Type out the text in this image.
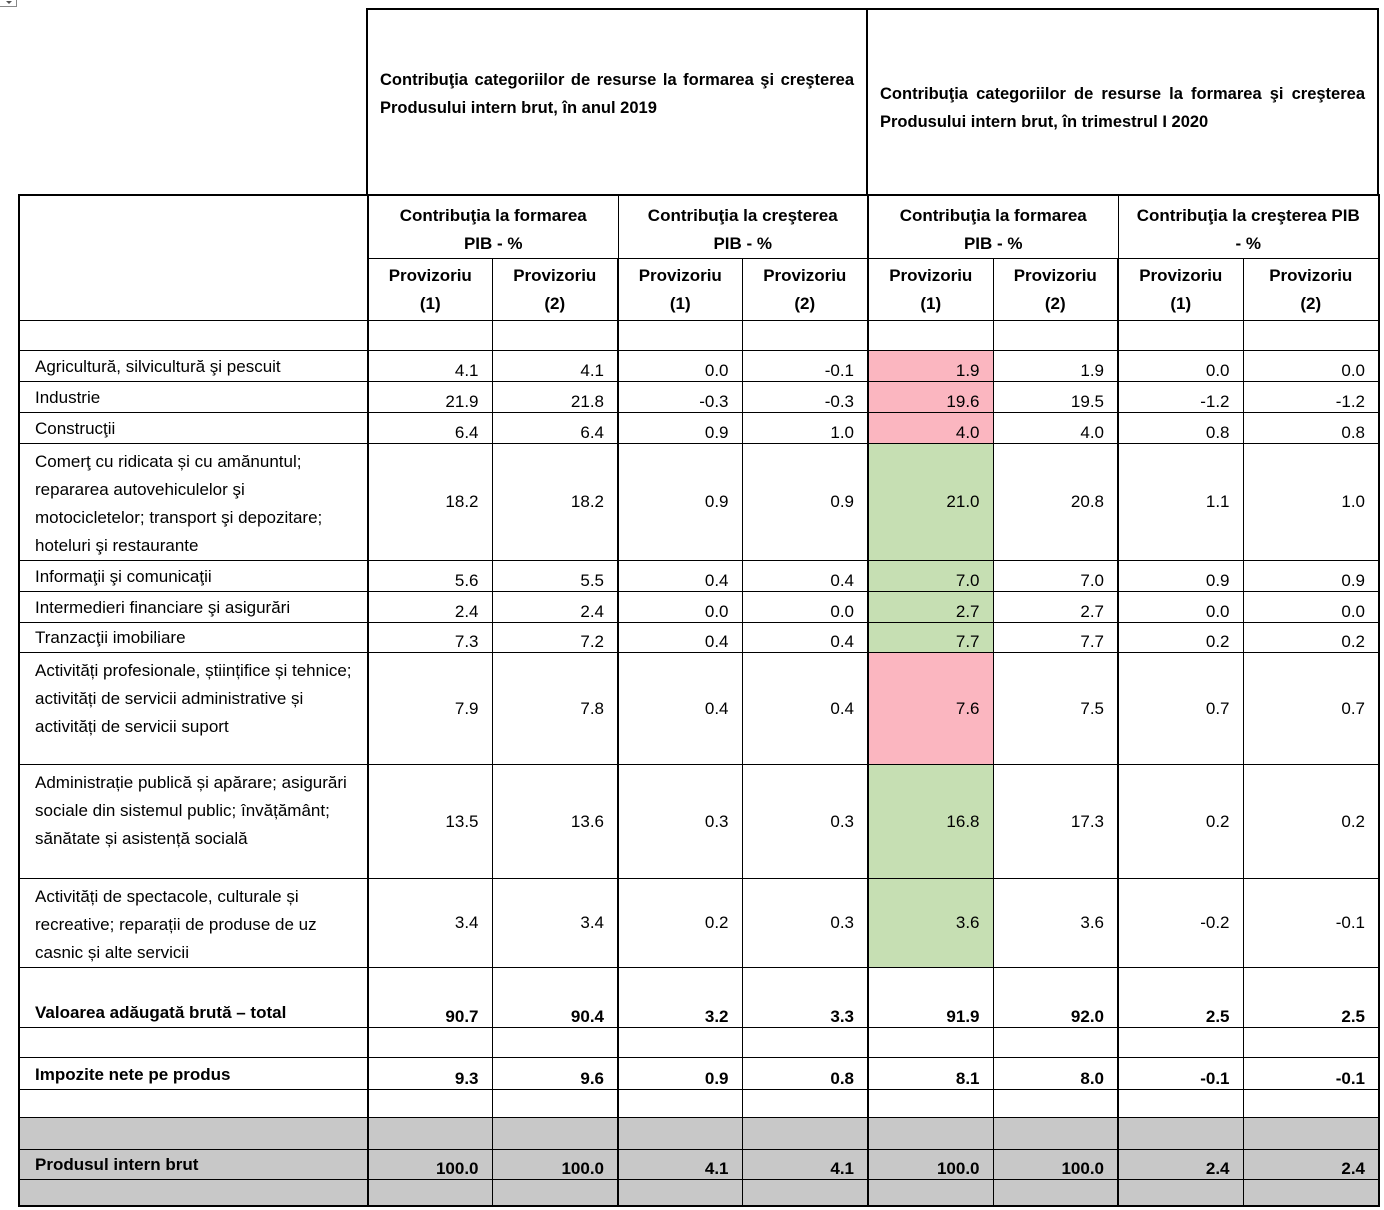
Contribuţia categoriilor de resurse la formarea şi creşterea Produsului intern brut, în anul 2019
Contribuţia categoriilor de resurse la formarea şi creşterea Produsului intern brut, în trimestrul I 2020
	Contribuţia la formarea PIB - %		Contribuţia la creşterea PIB - %		Contribuţia la formarea PIB - %		Contribuţia la creşterea PIB - %	
	Provizoriu (1)	Provizoriu (2)	Provizoriu (1)	Provizoriu (2)	Provizoriu (1)	Provizoriu (2)	Provizoriu (1)	Provizoriu (2)

Agricultură, silvicultură şi pescuit	4.1	4.1	0.0	-0.1	1.9	1.9	0.0	0.0
Industrie	21.9	21.8	-0.3	-0.3	19.6	19.5	-1.2	-1.2
Construcţii	6.4	6.4	0.9	1.0	4.0	4.0	0.8	0.8
Comerţ cu ridicata și cu amănuntul; repararea autovehiculelor şi motocicletelor; transport şi depozitare; hoteluri şi restaurante	18.2	18.2	0.9	0.9	21.0	20.8	1.1	1.0
Informaţii şi comunicaţii	5.6	5.5	0.4	0.4	7.0	7.0	0.9	0.9
Intermedieri financiare şi asigurări	2.4	2.4	0.0	0.0	2.7	2.7	0.0	0.0
Tranzacţii imobiliare	7.3	7.2	0.4	0.4	7.7	7.7	0.2	0.2
Activități profesionale, științifice și tehnice; activități de servicii administrative și activități de servicii suport	7.9	7.8	0.4	0.4	7.6	7.5	0.7	0.7
Administrație publică și apărare; asigurări sociale din sistemul public; învățământ; sănătate și asistență socială	13.5	13.6	0.3	0.3	16.8	17.3	0.2	0.2
Activități de spectacole, culturale și recreative; reparații de produse de uz casnic și alte servicii	3.4	3.4	0.2	0.3	3.6	3.6	-0.2	-0.1
Valoarea adăugată brută – total	90.7	90.4	3.2	3.3	91.9	92.0	2.5	2.5

Impozite nete pe produs	9.3	9.6	0.9	0.8	8.1	8.0	-0.1	-0.1

Produsul intern brut	100.0	100.0	4.1	4.1	100.0	100.0	2.4	2.4
